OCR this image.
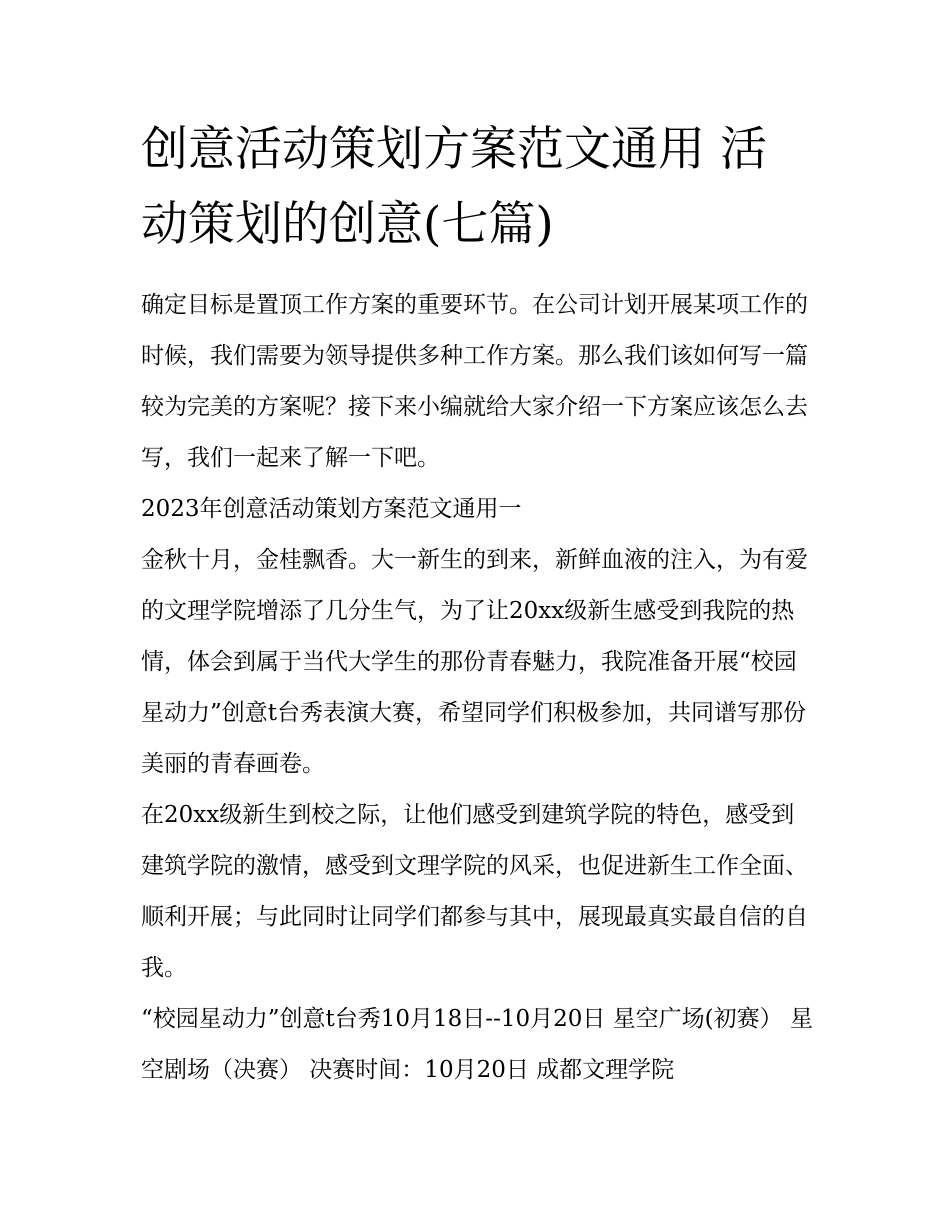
创意活动策划方案范文通用 活动策划的创意(七篇)

确定目标是置顶工作方案的重要环节。在公司计划开展某项工作的时候，我们需要为领导提供多种工作方案。那么我们该如何写一篇较为完美的方案呢？接下来小编就给大家介绍一下方案应该怎么去写，我们一起来了解一下吧。

2023年创意活动策划方案范文通用一

金秋十月，金桂飘香。大一新生的到来，新鲜血液的注入，为有爱的文理学院增添了几分生气，为了让20xx级新生感受到我院的热情，体会到属于当代大学生的那份青春魅力，我院准备开展“校园星动力”创意t台秀表演大赛，希望同学们积极参加，共同谱写那份美丽的青春画卷。

在20xx级新生到校之际，让他们感受到建筑学院的特色，感受到建筑学院的激情，感受到文理学院的风采，也促进新生工作全面、顺利开展；与此同时让同学们都参与其中，展现最真实最自信的自我。

“校园星动力”创意t台秀10月18日--10月20日 星空广场(初赛） 星空剧场（决赛） 决赛时间：10月20日 成都文理学院
